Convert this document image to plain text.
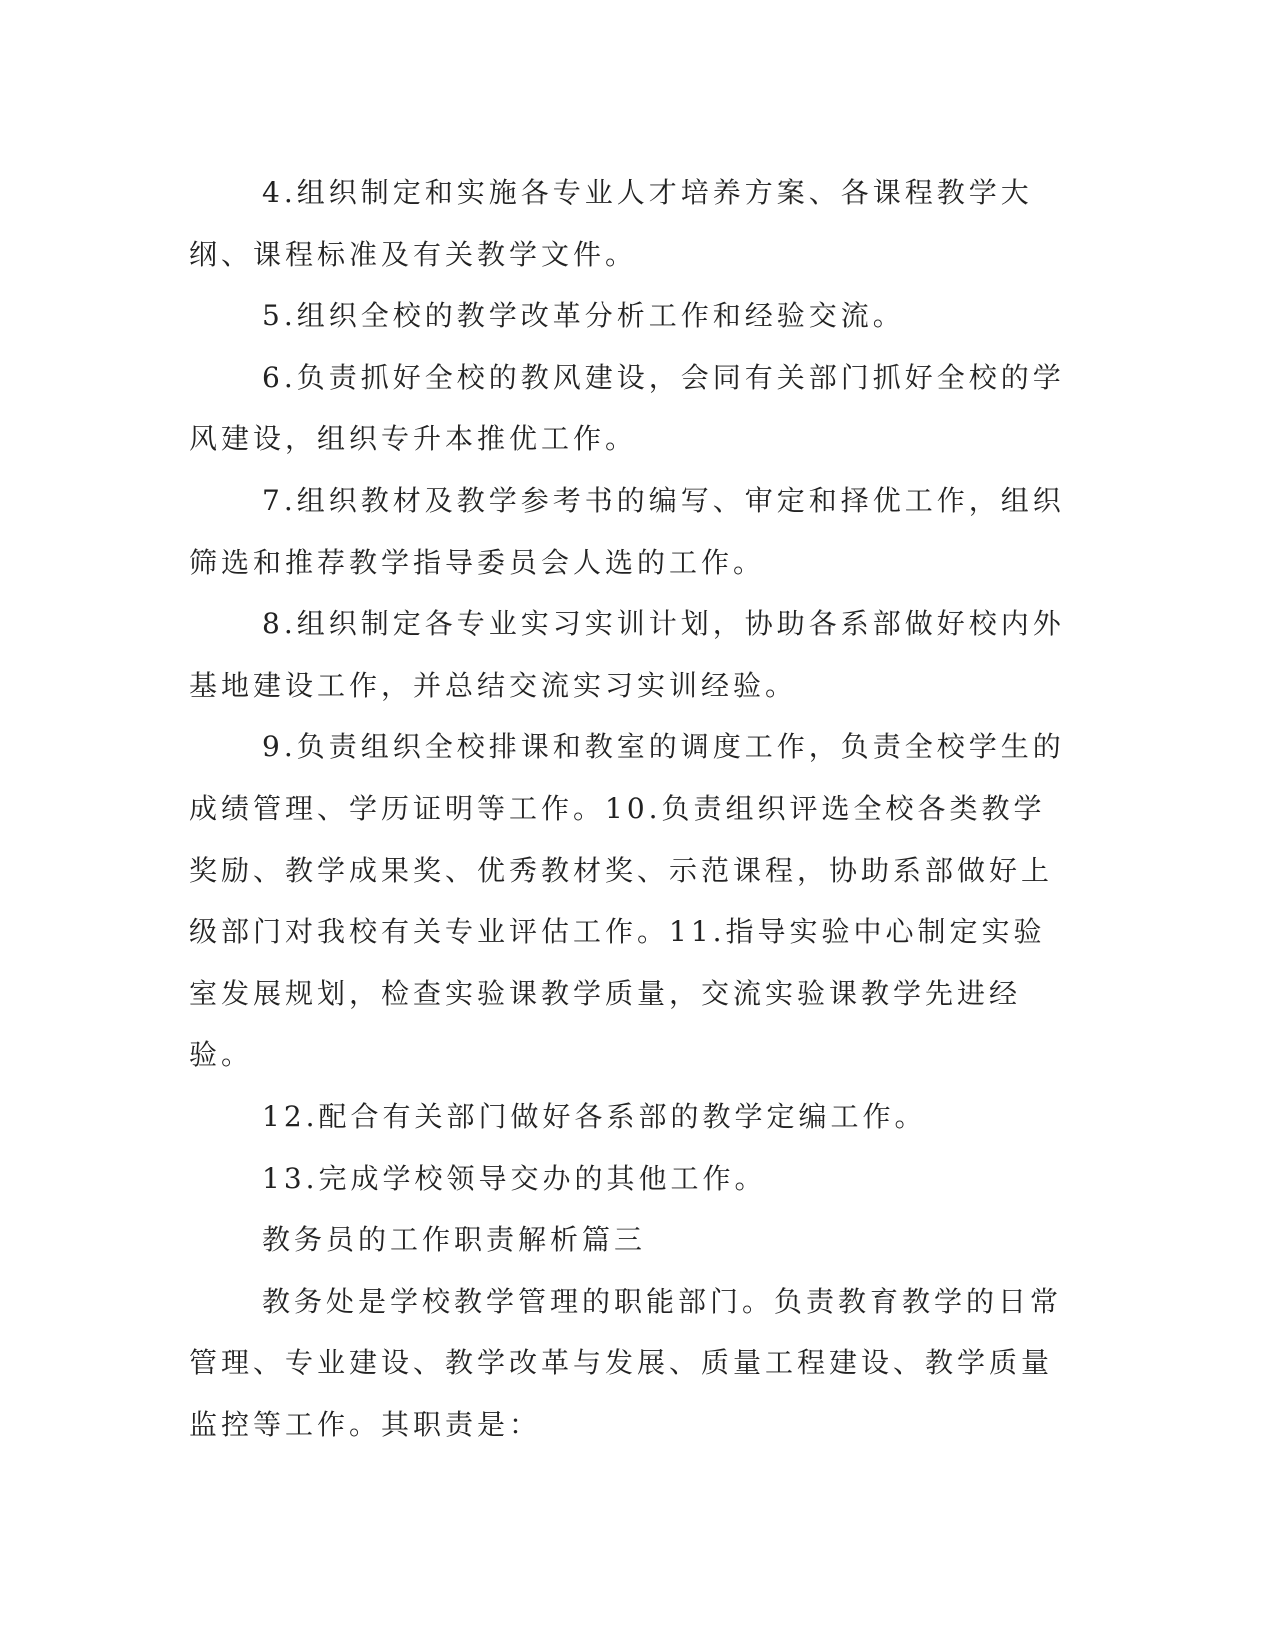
4.组织制定和实施各专业人才培养方案、各课程教学大纲、课程标准及有关教学文件。

5.组织全校的教学改革分析工作和经验交流。

6.负责抓好全校的教风建设，会同有关部门抓好全校的学风建设，组织专升本推优工作。

7.组织教材及教学参考书的编写、审定和择优工作，组织筛选和推荐教学指导委员会人选的工作。

8.组织制定各专业实习实训计划，协助各系部做好校内外基地建设工作，并总结交流实习实训经验。

9.负责组织全校排课和教室的调度工作，负责全校学生的成绩管理、学历证明等工作。10.负责组织评选全校各类教学奖励、教学成果奖、优秀教材奖、示范课程，协助系部做好上级部门对我校有关专业评估工作。11.指导实验中心制定实验室发展规划，检查实验课教学质量，交流实验课教学先进经验。

12.配合有关部门做好各系部的教学定编工作。

13.完成学校领导交办的其他工作。

教务员的工作职责解析篇三

教务处是学校教学管理的职能部门。负责教育教学的日常管理、专业建设、教学改革与发展、质量工程建设、教学质量监控等工作。其职责是：
